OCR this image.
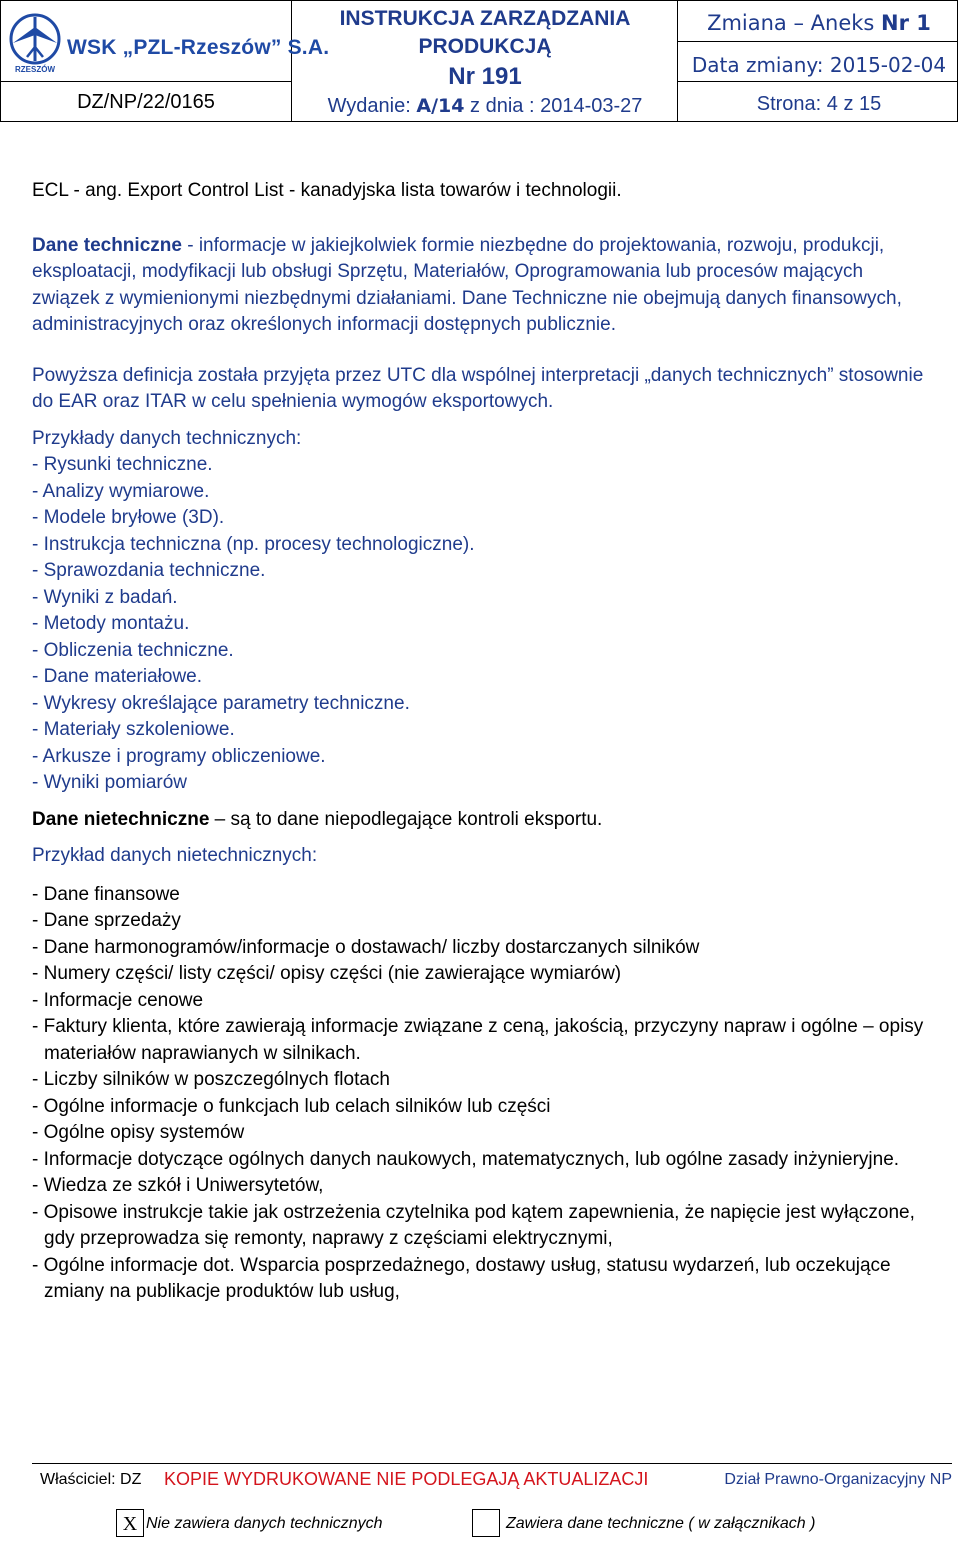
RZESZÓW
WSK „PZL-Rzeszów” S.A.
DZ/NP/22/0165
INSTRUKCJA ZARZĄDZANIA
PRODUKCJĄ
Nr 191
Wydanie: A/14 z dnia : 2014-03-27
Zmiana – Aneks Nr 1
Data zmiany: 2015-02-04
Strona: 4 z 15

ECL - ang. Export Control List - kanadyjska lista towarów i technologii.

Dane techniczne - informacje w jakiejkolwiek formie niezbędne do projektowania, rozwoju, produkcji, eksploatacji, modyfikacji lub obsługi Sprzętu, Materiałów, Oprogramowania lub procesów mających związek z wymienionymi niezbędnymi działaniami. Dane Techniczne nie obejmują danych finansowych, administracyjnych oraz określonych informacji dostępnych publicznie.

Powyższa definicja została przyjęta przez UTC dla wspólnej interpretacji „danych technicznych” stosownie do EAR oraz ITAR w celu spełnienia wymogów eksportowych.

Przykłady danych technicznych:

- Rysunki techniczne.

- Analizy wymiarowe.

- Modele bryłowe (3D).

- Instrukcja techniczna (np. procesy technologiczne).

- Sprawozdania techniczne.

- Wyniki z badań.

- Metody montażu.

- Obliczenia techniczne.

- Dane materiałowe.

- Wykresy określające parametry techniczne.

- Materiały szkoleniowe.

- Arkusze i programy obliczeniowe.

- Wyniki pomiarów

Dane nietechniczne – są to dane niepodlegające kontroli eksportu.

Przykład danych nietechnicznych:

- Dane finansowe

- Dane sprzedaży

- Dane harmonogramów/informacje o dostawach/ liczby dostarczanych silników

- Numery części/ listy części/ opisy części (nie zawierające wymiarów)

- Informacje cenowe

- Faktury klienta, które zawierają informacje związane z ceną, jakością, przyczyny napraw i ogólne – opisy materiałów naprawianych w silnikach.

- Liczby silników w poszczególnych flotach

- Ogólne informacje o funkcjach lub celach silników lub części

- Ogólne opisy systemów

- Informacje dotyczące ogólnych danych naukowych, matematycznych, lub ogólne zasady inżynieryjne.

- Wiedza ze szkół i Uniwersytetów,

- Opisowe instrukcje takie jak ostrzeżenia czytelnika pod kątem zapewnienia, że napięcie jest wyłączone, gdy przeprowadza się remonty, naprawy z częściami elektrycznymi,

- Ogólne informacje dot. Wsparcia posprzedażnego, dostawy usług, statusu wydarzeń, lub oczekujące zmiany na publikacje produktów lub usług,

Właściciel: DZ KOPIE WYDRUKOWANE NIE PODLEGAJĄ AKTUALIZACJI	Dział Prawno-Organizacyjny NP
X Nie zawiera danych technicznych	Zawiera dane techniczne ( w załącznikach )
